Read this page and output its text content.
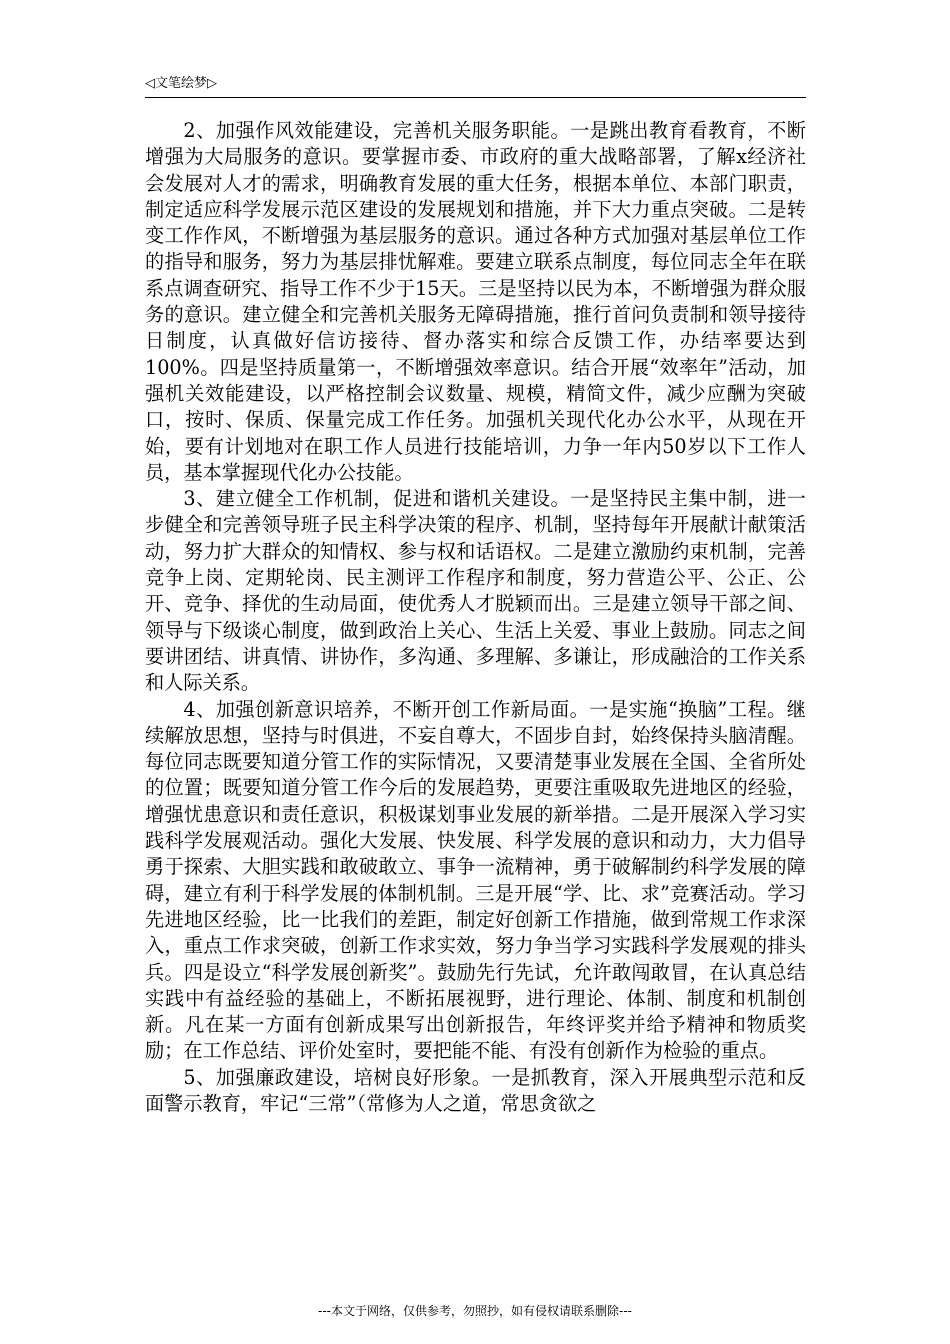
◁文笔绘梦▷

2、加强作风效能建设，完善机关服务职能。一是跳出教育看教育，不断增强为大局服务的意识。要掌握市委、市政府的重大战略部署，了解x经济社会发展对人才的需求，明确教育发展的重大任务，根据本单位、本部门职责，制定适应科学发展示范区建设的发展规划和措施，并下大力重点突破。二是转变工作作风，不断增强为基层服务的意识。通过各种方式加强对基层单位工作的指导和服务，努力为基层排忧解难。要建立联系点制度，每位同志全年在联系点调查研究、指导工作不少于15天。三是坚持以民为本，不断增强为群众服务的意识。建立健全和完善机关服务无障碍措施，推行首问负责制和领导接待日制度，认真做好信访接待、督办落实和综合反馈工作，办结率要达到100%。四是坚持质量第一，不断增强效率意识。结合开展“效率年”活动，加强机关效能建设，以严格控制会议数量、规模，精简文件，减少应酬为突破口，按时、保质、保量完成工作任务。加强机关现代化办公水平，从现在开始，要有计划地对在职工作人员进行技能培训，力争一年内50岁以下工作人员，基本掌握现代化办公技能。

3、建立健全工作机制，促进和谐机关建设。一是坚持民主集中制，进一步健全和完善领导班子民主科学决策的程序、机制，坚持每年开展献计献策活动，努力扩大群众的知情权、参与权和话语权。二是建立激励约束机制，完善竞争上岗、定期轮岗、民主测评工作程序和制度，努力营造公平、公正、公开、竞争、择优的生动局面，使优秀人才脱颖而出。三是建立领导干部之间、领导与下级谈心制度，做到政治上关心、生活上关爱、事业上鼓励。同志之间要讲团结、讲真情、讲协作，多沟通、多理解、多谦让，形成融洽的工作关系和人际关系。

4、加强创新意识培养，不断开创工作新局面。一是实施“换脑”工程。继续解放思想，坚持与时俱进，不妄自尊大，不固步自封，始终保持头脑清醒。每位同志既要知道分管工作的实际情况，又要清楚事业发展在全国、全省所处的位置；既要知道分管工作今后的发展趋势，更要注重吸取先进地区的经验，增强忧患意识和责任意识，积极谋划事业发展的新举措。二是开展深入学习实践科学发展观活动。强化大发展、快发展、科学发展的意识和动力，大力倡导勇于探索、大胆实践和敢破敢立、事争一流精神，勇于破解制约科学发展的障碍，建立有利于科学发展的体制机制。三是开展“学、比、求”竞赛活动。学习先进地区经验，比一比我们的差距，制定好创新工作措施，做到常规工作求深入，重点工作求突破，创新工作求实效，努力争当学习实践科学发展观的排头兵。四是设立“科学发展创新奖”。鼓励先行先试，允许敢闯敢冒，在认真总结实践中有益经验的基础上，不断拓展视野，进行理论、体制、制度和机制创新。凡在某一方面有创新成果写出创新报告，年终评奖并给予精神和物质奖励；在工作总结、评价处室时，要把能不能、有没有创新作为检验的重点。

5、加强廉政建设，培树良好形象。一是抓教育，深入开展典型示范和反面警示教育，牢记“三常”（常修为人之道，常思贪欲之

---本文于网络，仅供参考，勿照抄，如有侵权请联系删除---
